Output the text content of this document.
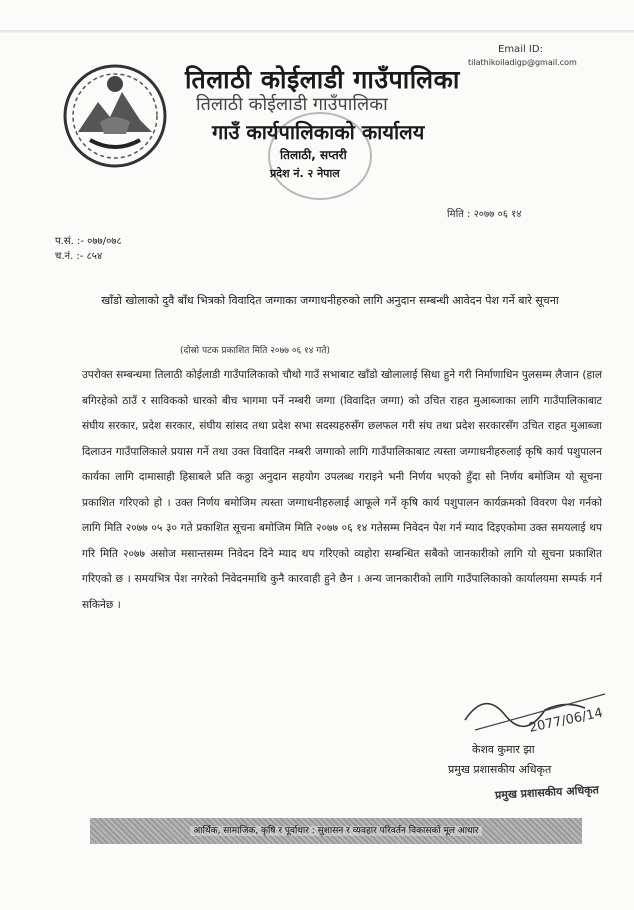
तिलाठी कोईलाडी गाउँपालिका
तिलाठी कोईलाडी गाउँपालिका
गाउँ कार्यपालिकाको कार्यालय
तिलाठी, सप्तरी
प्रदेश नं. २ नेपाल
Email ID:
tilathikoiladigp@gmail.com
मिति : २०७७ ०६ १४
प.सं. :- ०७७/०७८
च.नं. :- ८५४
खाँडो खोलाको दुवै बाँध भित्रको विवादित जग्गाका जग्गाधनीहरुको लागि अनुदान सम्बन्धी आवेदन पेश गर्ने बारे सूचना
(दोस्रो पटक प्रकाशित मिति २०७७ ०६ १४ गते)
उपरोक्त सम्बन्धमा तिलाठी कोईलाडी गाउँपालिकाको चौथो गाउँ सभाबाट खाँडो खोलालाई सिधा हुने गरी निर्माणाधिन पुलसम्म लैजान (हाल बगिरहेको ठाउँ र साविकको धारको बीच भागमा पर्ने नम्बरी जग्गा (विवादित जग्गा) को उचित राहत मुआब्जाका लागि गाउँपालिकाबाट संघीय सरकार, प्रदेश सरकार, संघीय सांसद तथा प्रदेश सभा सदस्यहरुसँग छलफल गरी संघ तथा प्रदेश सरकारसँग उचित राहत मुआब्जा दिलाउन गाउँपालिकाले प्रयास गर्ने तथा उक्त विवादित नम्बरी जग्गाको लागि गाउँपालिकाबाट त्यस्ता जग्गाधनीहरुलाई कृषि कार्य पशुपालन कार्यका लागि दामासाही हिसाबले प्रति कठ्ठा अनुदान सहयोग उपलब्ध गराइने भनी निर्णय भएको हुँदा सो निर्णय बमोजिम यो सूचना प्रकाशित गरिएको हो । उक्त निर्णय बमोजिम त्यस्ता जग्गाधनीहरुलाई आफूले गर्ने कृषि कार्य पशुपालन कार्यक्रमको विवरण पेश गर्नको लागि मिति २०७७ ०५ ३० गते प्रकाशित सूचना बमोजिम मिति २०७७ ०६ १४ गतेसम्म निवेदन पेश गर्न म्याद दिइएकोमा उक्त समयलाई थप गरि मिति २०७७ असोज मसान्तसम्म निवेदन दिने म्याद थप गरिएको व्यहोरा सम्बन्धित सबैको जानकारीको लागि यो सूचना प्रकाशित गरिएको छ । समयभित्र पेश नगरेको निवेदनमाथि कुनै कारवाही हुने छैन । अन्य जानकारीको लागि गाउँपालिकाको कार्यालयमा सम्पर्क गर्न सकिनेछ ।
2077/06/14
केशव कुमार झा
प्रमुख प्रशासकीय अधिकृत
प्रमुख प्रशासकीय अधिकृत
आर्थिक, सामाजिक, कृषि र पूर्वाधार : सुशासन र व्यवहार परिवर्तन विकासको मूल आधार
